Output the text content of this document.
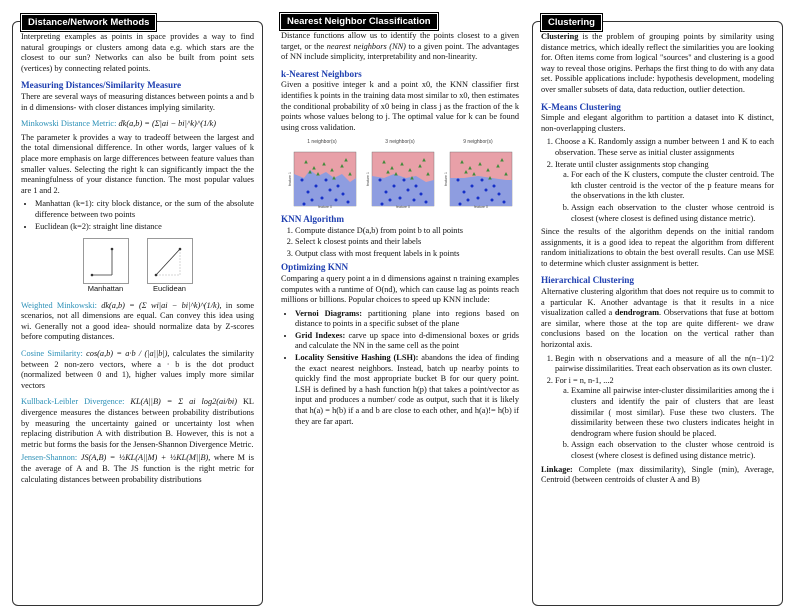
Distance/Network Methods

Interpreting examples as points in space provides a way to find natural groupings or clusters among data e.g. which stars are the closest to our sun? Networks can also be built from point sets (vertices) by connecting related points.

Measuring Distances/Similarity Measure

There are several ways of measuring distances between points a and b in d dimensions- with closer distances implying similarity.

Minkowski Distance Metric: dk(a,b) = (Σ|ai − bi|^k)^(1/k)

The parameter k provides a way to tradeoff between the largest and the total dimensional difference. In other words, larger values of k place more emphasis on large differences between feature values than smaller values. Selecting the right k can significantly impact the the meaningfulness of your distance function. The most popular values are 1 and 2.

• Manhattan (k=1): city block distance, or the sum of the absolute difference between two points
• Euclidean (k=2): straight line distance
Manhattan	Euclidean

Weighted Minkowski: dk(a,b) = (Σ wi|ai − bi|^k)^(1/k), in some scenarios, not all dimensions are equal. Can convey this idea using wi. Generally not a good idea- should normalize data by Z-scores before computing distances.

Cosine Similarity: cos(a,b) = a·b / (|a||b|), calculates the similarity between 2 non-zero vectors, where a · b is the dot product (normalized between 0 and 1), higher values imply more similar vectors

Kullback-Leibler Divergence: KL(A||B) = Σ ai log2(ai/bi) KL divergence measures the distances between probability distributions by measuring the uncertainty gained or uncertainty lost when replacing distribution A with distribution B. However, this is not a metric but forms the basis for the Jensen-Shannon Divergence Metric.

Jensen-Shannon: JS(A,B) = ½KL(A||M) + ½KL(M||B), where M is the average of A and B. The JS function is the right metric for calculating distances between probability distributions

Nearest Neighbor Classification

Distance functions allow us to identify the points closest to a given target, or the nearest neighbors (NN) to a given point. The advantages of NN include simplicity, interpretability and non-linearity.

k-Nearest Neighbors

Given a positive integer k and a point x0, the KNN classifier first identifies k points in the training data most similar to x0, then estimates the conditional probability of x0 being in class j as the fraction of the k points whose values belong to j. The optimal value for k can be found using cross validation.

1 neighbor(s)
feature 0
feature 1
3 neighbor(s)
feature 0
feature 1
9 neighbor(s)
feature 0
feature 1
KNN Algorithm
1. Compute distance D(a,b) from point b to all points
2. Select k closest points and their labels
3. Output class with most frequent labels in k points
Optimizing KNN

Comparing a query point a in d dimensions against n training examples computes with a runtime of O(nd), which can cause lag as points reach millions or billions. Popular choices to speed up KNN include:

• Vernoi Diagrams: partitioning plane into regions based on distance to points in a specific subset of the plane
• Grid Indexes: carve up space into d-dimensional boxes or grids and calculate the NN in the same cell as the point
• Locality Sensitive Hashing (LSH): abandons the idea of finding the exact nearest neighbors. Instead, batch up nearby points to quickly find the most appropriate bucket B for our query point. LSH is defined by a hash function h(p) that takes a point/vector as input and produces a number/ code as output, such that it is likely that h(a) = h(b) if a and b are close to each other, and h(a)!= h(b) if they are far apart.
Clustering

Clustering is the problem of grouping points by similarity using distance metrics, which ideally reflect the similarities you are looking for. Often items come from logical "sources" and clustering is a good way to reveal those origins. Perhaps the first thing to do with any data set. Possible applications include: hypothesis development, modeling over smaller subsets of data, data reduction, outlier detection.

K-Means Clustering

Simple and elegant algorithm to partition a dataset into K distinct, non-overlapping clusters.

1. Choose a K. Randomly assign a number between 1 and K to each observation. These serve as initial cluster assignments
2. Iterate until cluster assignments stop changing
a. For each of the K clusters, compute the cluster centroid. The kth cluster centroid is the vector of the p feature means for the observations in the kth cluster.
b. Assign each observation to the cluster whose centroid is closest (where closest is defined using distance metric).

Since the results of the algorithm depends on the initial random assignments, it is a good idea to repeat the algorithm from different random initializations to obtain the best overall results. Can use MSE to determine which cluster assignment is better.

Hierarchical Clustering

Alternative clustering algorithm that does not require us to commit to a particular K. Another advantage is that it results in a nice visualization called a dendrogram. Observations that fuse at bottom are similar, where those at the top are quite different- we draw conclusions based on the location on the vertical rather than horizontal axis.

1. Begin with n observations and a measure of all the n(n−1)/2 pairwise dissimilarities. Treat each observation as its own cluster.
2. For i = n, n-1, ...2
a. Examine all pairwise inter-cluster dissimilarities among the i clusters and identify the pair of clusters that are least dissimilar ( most similar). Fuse these two clusters. The dissimilarity between these two clusters indicates height in dendrogram where fusion should be placed.
b. Assign each observation to the cluster whose centroid is closest (where closest is defined using distance metric).

Linkage: Complete (max dissimilarity), Single (min), Average, Centroid (between centroids of cluster A and B)
